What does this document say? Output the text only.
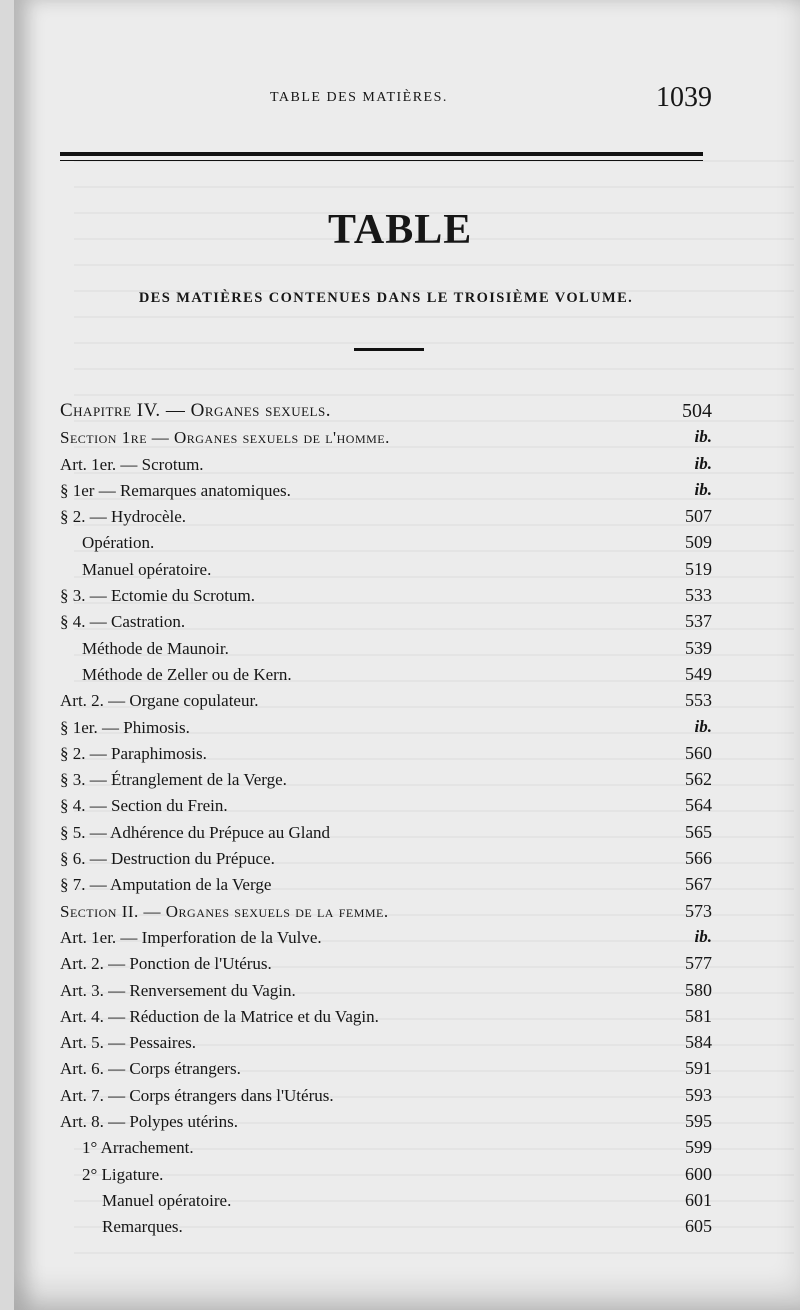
TABLE DES MATIÈRES.	1039
TABLE
DES MATIÈRES CONTENUES DANS LE TROISIÈME VOLUME.
Chapitre IV. — Organes sexuels.	504
Section 1re — Organes sexuels de l'homme.	ib.
Art. 1er. — Scrotum.	ib.
§ 1er — Remarques anatomiques.	ib.
§ 2. — Hydrocèle.	507
Opération.	509
Manuel opératoire.	519
§ 3. — Ectomie du Scrotum.	533
§ 4. — Castration.	537
Méthode de Maunoir.	539
Méthode de Zeller ou de Kern.	549
Art. 2. — Organe copulateur.	553
§ 1er. — Phimosis.	ib.
§ 2. — Paraphimosis.	560
§ 3. — Étranglement de la Verge.	562
§ 4. — Section du Frein.	564
§ 5. — Adhérence du Prépuce au Gland	565
§ 6. — Destruction du Prépuce.	566
§ 7. — Amputation de la Verge	567
Section II. — Organes sexuels de la femme.	573
Art. 1er. — Imperforation de la Vulve.	ib.
Art. 2. — Ponction de l'Utérus.	577
Art. 3. — Renversement du Vagin.	580
Art. 4. — Réduction de la Matrice et du Vagin.	581
Art. 5. — Pessaires.	584
Art. 6. — Corps étrangers.	591
Art. 7. — Corps étrangers dans l'Utérus.	593
Art. 8. — Polypes utérins.	595
1° Arrachement.	599
2° Ligature.	600
Manuel opératoire.	601
Remarques.	605
